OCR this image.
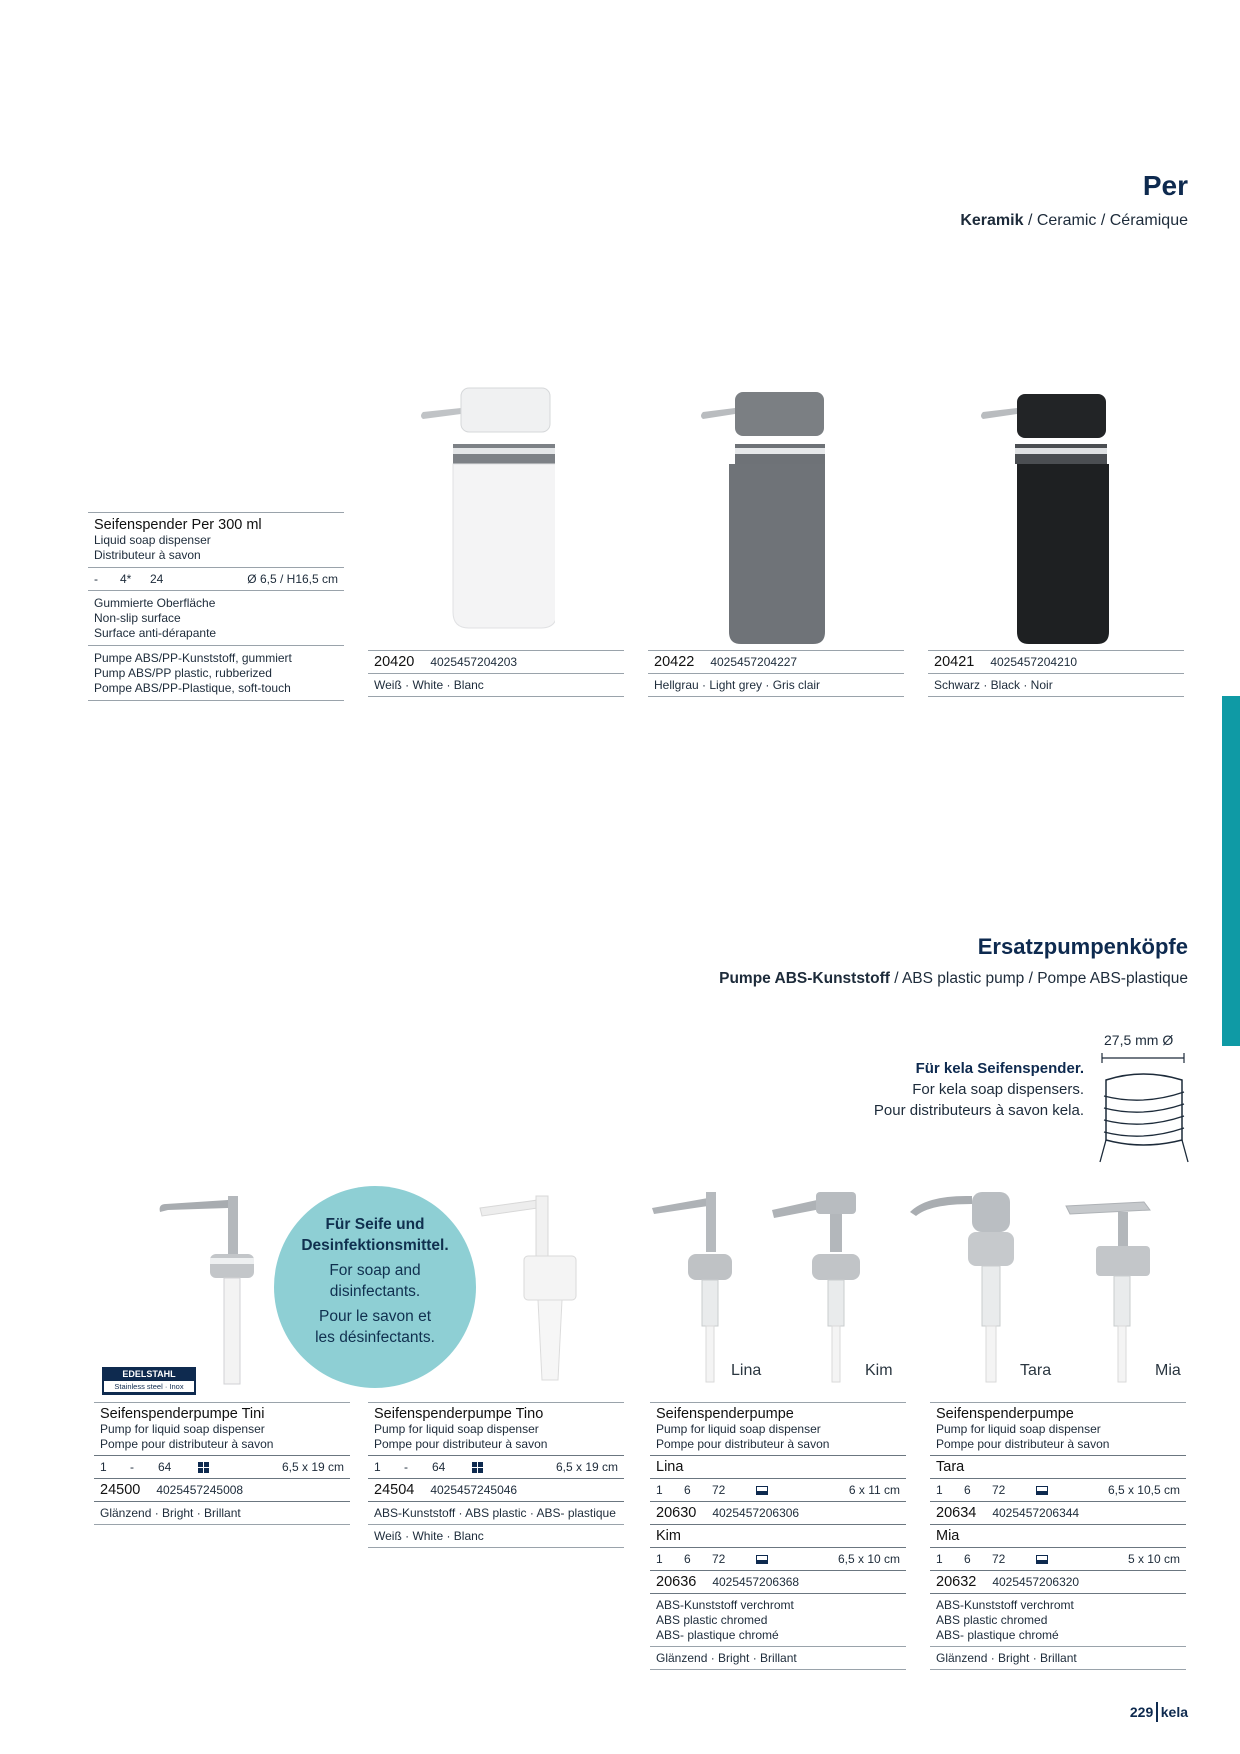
Per
Keramik / Ceramic / Céramique
Seifenspender Per 300 ml
Liquid soap dispenser
Distributeur à savon
-	4*	24	Ø 6,5 / H16,5 cm
Gummierte Oberfläche
Non-slip surface
Surface anti-dérapante
Pumpe ABS/PP-Kunststoff, gummiert
Pump ABS/PP plastic, rubberized
Pompe ABS/PP-Plastique, soft-touch
20420 4025457204203
Weiß · White · Blanc
20422 4025457204227
Hellgrau · Light grey · Gris clair
20421 4025457204210
Schwarz · Black · Noir
Ersatzpumpenköpfe
Pumpe ABS-Kunststoff / ABS plastic pump / Pompe ABS-plastique
27,5 mm Ø
Für kela Seifenspender.
For kela soap dispensers.
Pour distributeurs à savon kela.
Lina	Kim	Tara	Mia
Für Seife und
Desinfektionsmittel.
For soap and
disinfectants.
Pour le savon et
les désinfectants.
EDELSTAHL
Stainless steel · Inox
Seifenspenderpumpe Tini
Pump for liquid soap dispenser
Pompe pour distributeur à savon
1	-	64	6,5 x 19 cm
24500 4025457245008
Glänzend · Bright · Brillant
Seifenspenderpumpe Tino
Pump for liquid soap dispenser
Pompe pour distributeur à savon
1	-	64	6,5 x 19 cm
24504 4025457245046
ABS-Kunststoff · ABS plastic · ABS- plastique
Weiß · White · Blanc
Seifenspenderpumpe
Pump for liquid soap dispenser
Pompe pour distributeur à savon
Lina
1	6	72	6 x 11 cm
20630 4025457206306
Kim
1	6	72	6,5 x 10 cm
20636 4025457206368
ABS-Kunststoff verchromt
ABS plastic chromed
ABS- plastique chromé
Glänzend · Bright · Brillant
Seifenspenderpumpe
Pump for liquid soap dispenser
Pompe pour distributeur à savon
Tara
1	6	72	6,5 x 10,5 cm
20634 4025457206344
Mia
1	6	72	5 x 10 cm
20632 4025457206320
ABS-Kunststoff verchromt
ABS plastic chromed
ABS- plastique chromé
Glänzend · Bright · Brillant
229 kela
